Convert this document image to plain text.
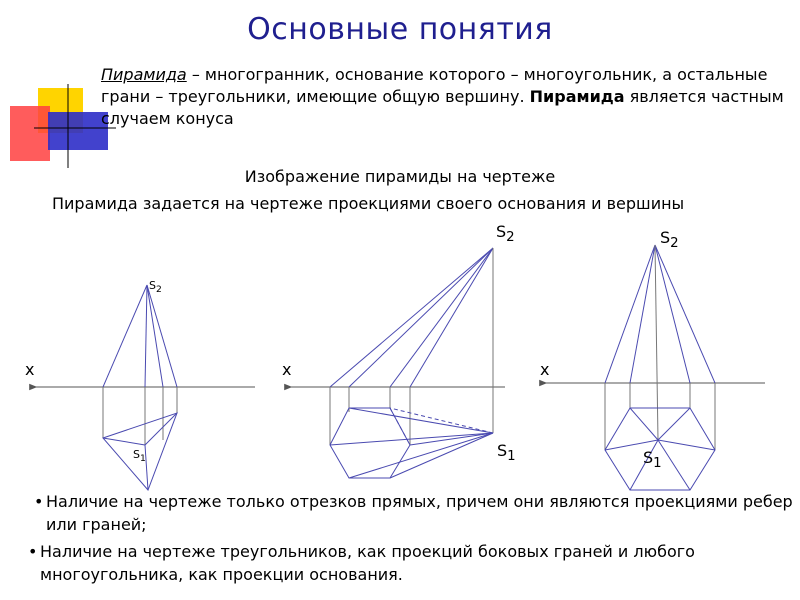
Основные понятия
Пирамида – многогранник, основание которого – многоугольник, а остальные грани – треугольники, имеющие общую вершину. Пирамида является частным случаем конуса
Изображение пирамиды на чертеже
Пирамида задается на чертеже проекциями своего основания и вершины
x
$S_2$
$S_1$
x
$S_2$
$S_1$
x
$S_2$
$S_1$
• Наличие на чертеже только отрезков прямых, причем они являются проекциями ребер или граней;
• Наличие на чертеже треугольников, как проекций боковых граней и любого многоугольника, как проекции основания.
